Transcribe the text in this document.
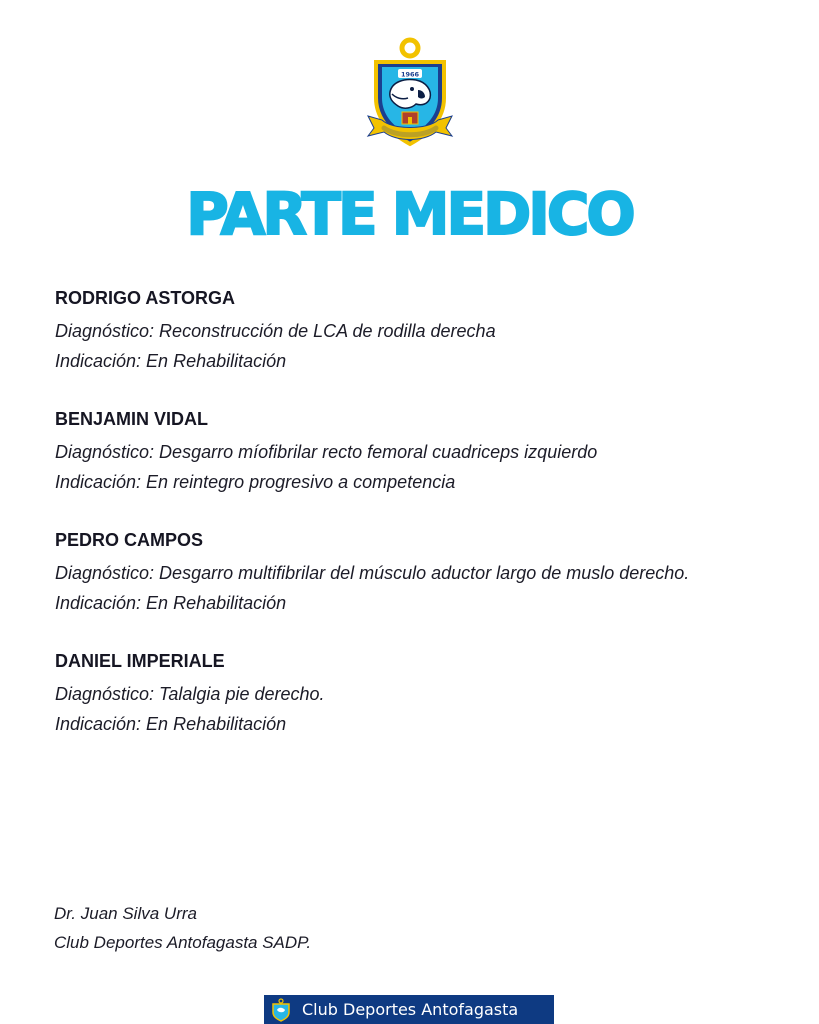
1966
PARTE MEDICO
RODRIGO ASTORGA
Diagnóstico: Reconstrucción de LCA de rodilla derecha
Indicación: En Rehabilitación
BENJAMIN VIDAL
Diagnóstico: Desgarro míofibrilar recto femoral cuadriceps izquierdo
Indicación: En reintegro progresivo a competencia
PEDRO CAMPOS
Diagnóstico: Desgarro multifibrilar del músculo aductor largo de muslo derecho.
Indicación: En Rehabilitación
DANIEL IMPERIALE
Diagnóstico: Talalgia pie derecho.
Indicación: En Rehabilitación
Dr. Juan Silva Urra
Club Deportes Antofagasta SADP.
Club Deportes Antofagasta
